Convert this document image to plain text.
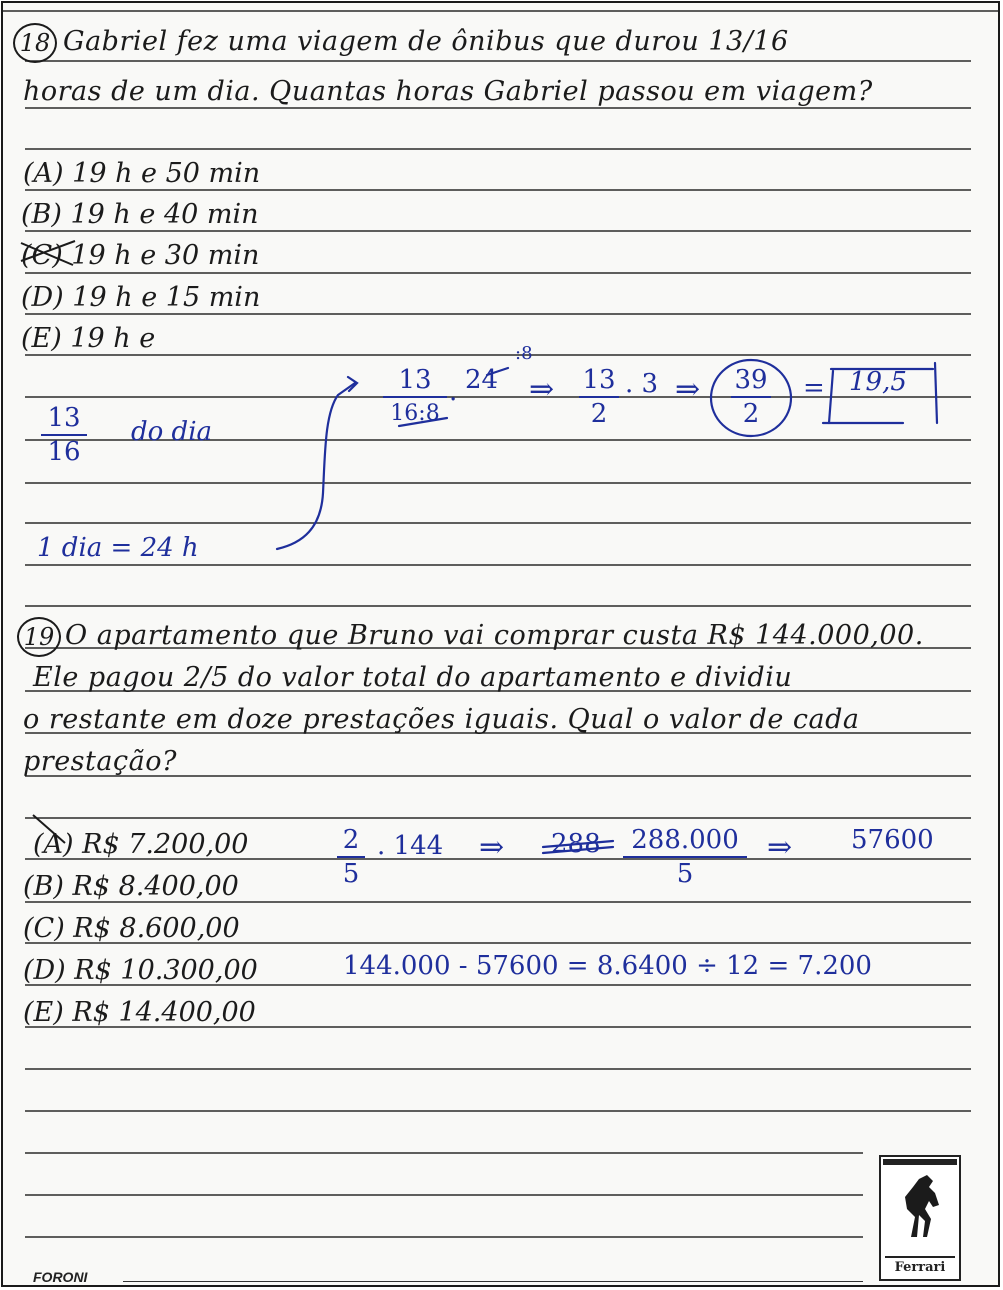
18 Gabriel fez uma viagem de ônibus que durou 13/16
horas de um dia. Quantas horas Gabriel passou em viagem?
(A) 19 h e 50 min
(B) 19 h e 40 min
(C) 19 h e 30 min
(D) 19 h e 15 min
(E) 19 h e
13
16
do dia
1 dia = 24 h
13
16:8
. 24
:8
⇒ 13
2
. 3 ⇒ 39
2
= 19,5
19 O apartamento que Bruno vai comprar custa R$ 144.000,00.
Ele pagou 2/5 do valor total do apartamento e dividiu
o restante em doze prestações iguais. Qual o valor de cada
prestação?
(A) R$ 7.200,00
(B) R$ 8.400,00
(C) R$ 8.600,00
(D) R$ 10.300,00
(E) R$ 14.400,00
2
5
. 144 ⇒ 288	288.000
5
⇒ 57600
144.000 - 57600 = 8.6400 ÷ 12 = 7.200
FORONI
Ferrari
